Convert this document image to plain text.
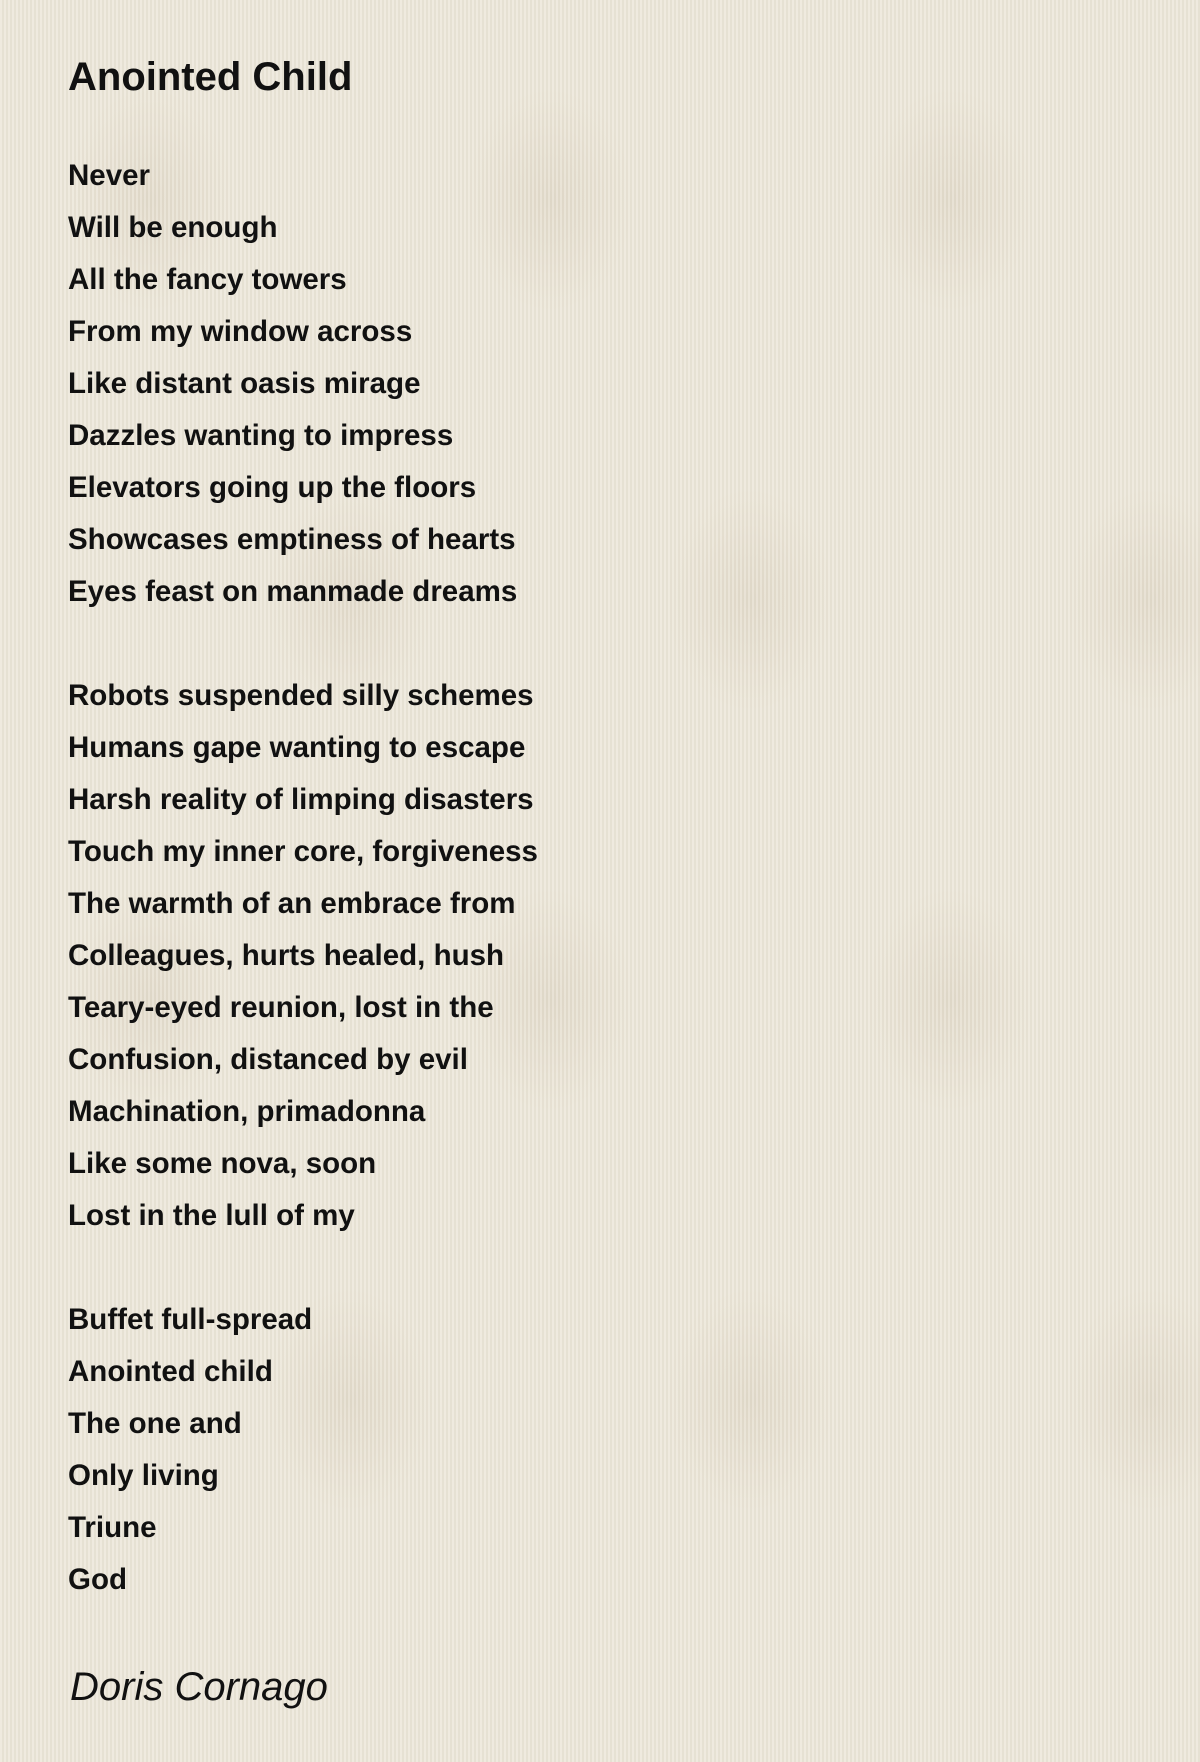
Anointed Child
Never
Will be enough
All the fancy towers
From my window across
Like distant oasis mirage
Dazzles wanting to impress
Elevators going up the floors
Showcases emptiness of hearts
Eyes feast on manmade dreams
Robots suspended silly schemes
Humans gape wanting to escape
Harsh reality of limping disasters
Touch my inner core, forgiveness
The warmth of an embrace from
Colleagues, hurts healed, hush
Teary-eyed reunion, lost in the
Confusion, distanced by evil
Machination, primadonna
Like some nova, soon
Lost in the lull of my
Buffet full-spread
Anointed child
The one and
Only living
Triune
God

Doris Cornago
